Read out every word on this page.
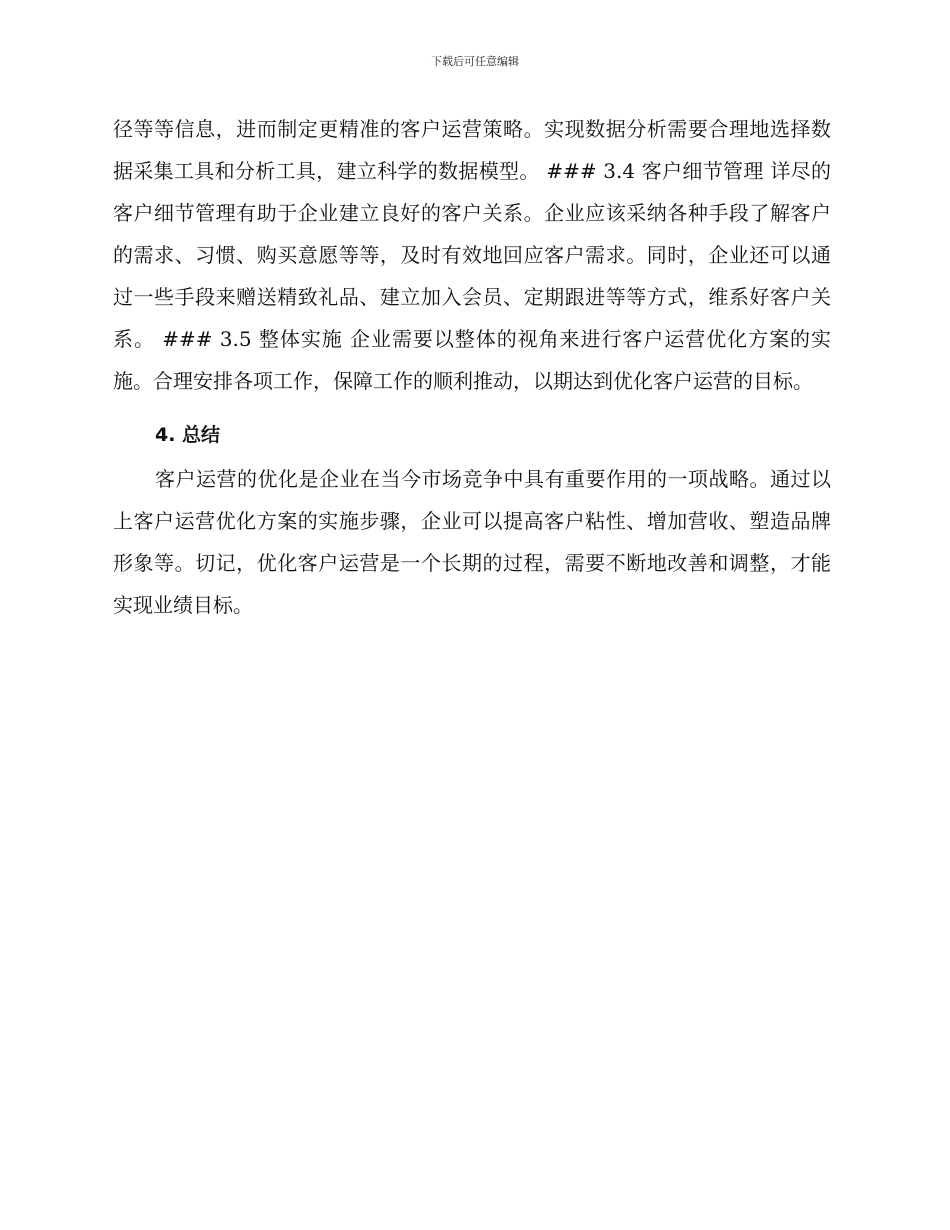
下载后可任意编辑

径等等信息，进而制定更精准的客户运营策略。实现数据分析需要合理地选择数据采集工具和分析工具，建立科学的数据模型。 ### 3.4 客户细节管理 详尽的客户细节管理有助于企业建立良好的客户关系。企业应该采纳各种手段了解客户的需求、习惯、购买意愿等等，及时有效地回应客户需求。同时，企业还可以通过一些手段来赠送精致礼品、建立加入会员、定期跟进等等方式，维系好客户关系。 ### 3.5 整体实施 企业需要以整体的视角来进行客户运营优化方案的实施。合理安排各项工作，保障工作的顺利推动，以期达到优化客户运营的目标。

4. 总结

客户运营的优化是企业在当今市场竞争中具有重要作用的一项战略。通过以上客户运营优化方案的实施步骤，企业可以提高客户粘性、增加营收、塑造品牌形象等。切记，优化客户运营是一个长期的过程，需要不断地改善和调整，才能实现业绩目标。
